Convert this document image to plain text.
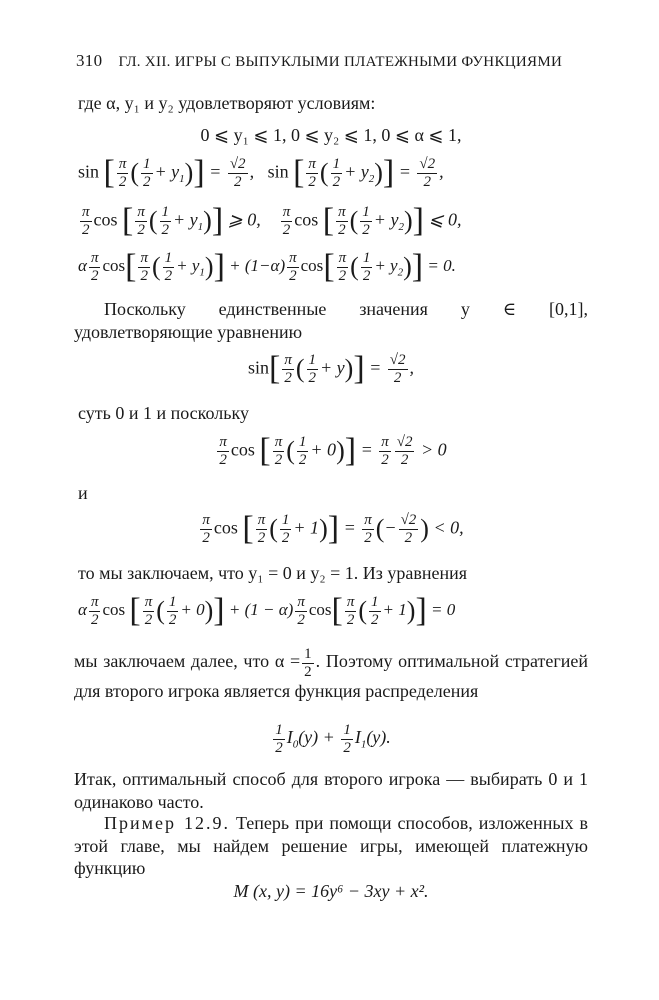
310 ГЛ. XII. ИГРЫ С ВЫПУКЛЫМИ ПЛАТЕЖНЫМИ ФУНКЦИЯМИ
где α, y₁ и y₂ удовлетворяют условиям:
0 ⩽ y₁ ⩽ 1, 0 ⩽ y₂ ⩽ 1, 0 ⩽ α ⩽ 1,
sin [ $\frac{\pi}{2}$ ( $\frac{1}{2} + y_1)] = \frac{√2}{2}$ ,   sin [ $\frac{\pi}{2}$ ( $\frac{1}{2} + y_2)] = \frac{√2}{2}$ ,
$\frac{\pi}{2}$ cos [ $\frac{\pi}{2}$ ( $\frac{1}{2} + y_1$)] ⩾ 0, $\frac{\pi}{2}$ cos [ $\frac{\pi}{2}$ ( $\frac{1}{2} + y_2$)] ⩽ 0,
α $\frac{\pi}{2} \cos[ \frac{\pi}{2}$ ( $\frac{1}{2} + y_1)] + (1-\alpha) \frac{\pi}{2} \cos[ \frac{\pi}{2}$ ( $\frac{1}{2} + y_2)] = 0$.
Поскольку единственные значения y ∈ [0,1], удовлетворяющие уравнению
$\sin[ \frac{\pi}{2}$ ( $\frac{1}{2} + y)] = \frac{√2}{2}$ ,
суть 0 и 1 и поскольку
$\frac{\pi}{2}$ cos [ $\frac{\pi}{2}$ ( $\frac{1}{2} + 0)] = \frac{\pi}{2} \frac{√2}{2} > 0$
и
$\frac{\pi}{2}$ cos [ $\frac{\pi}{2}$ ( $\frac{1}{2} + 1)] = \frac{\pi}{2}$ (− $\frac{√2}{2}$ ) < 0,
то мы заключаем, что y₁ = 0 и y₂ = 1. Из уравнения
α $\frac{\pi}{2}$ cos [ $\frac{\pi}{2}$ ( $\frac{1}{2} + 0)] + (1 - \alpha) \frac{\pi}{2} \cos[ \frac{\pi}{2}$ ( $\frac{1}{2} + 1)] = 0$
мы заключаем далее, что $\alpha = \frac{1}{2}$ . Поэтому оптимальной стратегией для второго игрока является функция распределения
$\frac{1}{2} I_0(y) + \frac{1}{2} I_1(y)$.
Итак, оптимальный способ для второго игрока — выбирать 0 и 1 одинаково часто.
Пример 12.9. Теперь при помощи способов, изложенных в этой главе, мы найдем решение игры, имеющей платежную функцию
M (x, y) = 16y⁶ − 3xy + x².
